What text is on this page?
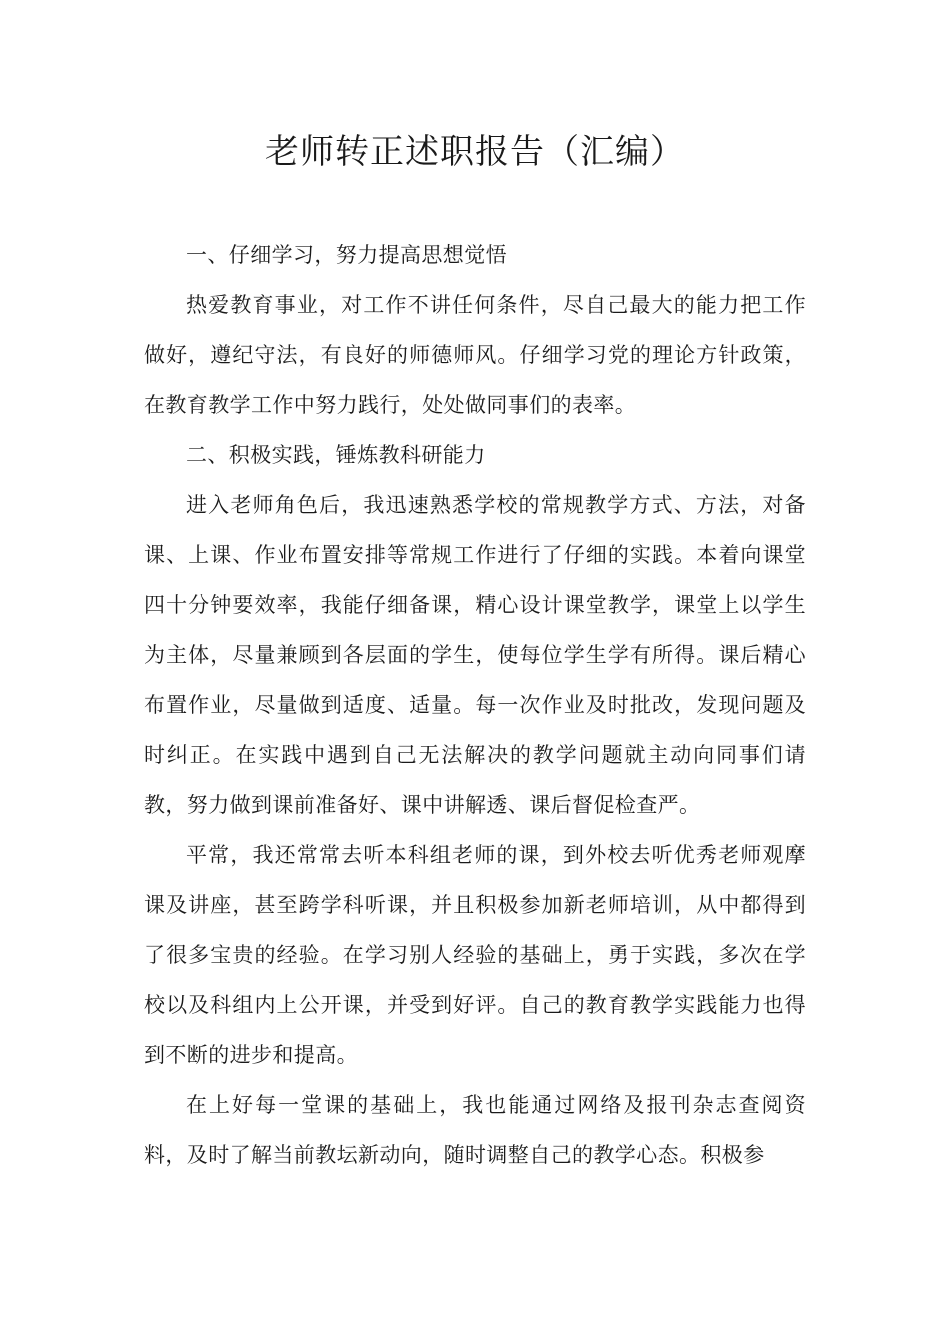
老师转正述职报告（汇编）

一、仔细学习，努力提高思想觉悟

热爱教育事业，对工作不讲任何条件，尽自己最大的能力把工作做好，遵纪守法，有良好的师德师风。仔细学习党的理论方针政策，在教育教学工作中努力践行，处处做同事们的表率。

二、积极实践，锤炼教科研能力

进入老师角色后，我迅速熟悉学校的常规教学方式、方法，对备课、上课、作业布置安排等常规工作进行了仔细的实践。本着向课堂四十分钟要效率，我能仔细备课，精心设计课堂教学，课堂上以学生为主体，尽量兼顾到各层面的学生，使每位学生学有所得。课后精心布置作业，尽量做到适度、适量。每一次作业及时批改，发现问题及时纠正。在实践中遇到自己无法解决的教学问题就主动向同事们请教，努力做到课前准备好、课中讲解透、课后督促检查严。

平常，我还常常去听本科组老师的课，到外校去听优秀老师观摩课及讲座，甚至跨学科听课，并且积极参加新老师培训，从中都得到了很多宝贵的经验。在学习别人经验的基础上，勇于实践，多次在学校以及科组内上公开课，并受到好评。自己的教育教学实践能力也得到不断的进步和提高。

在上好每一堂课的基础上，我也能通过网络及报刊杂志查阅资料，及时了解当前教坛新动向，随时调整自己的教学心态。积极参
